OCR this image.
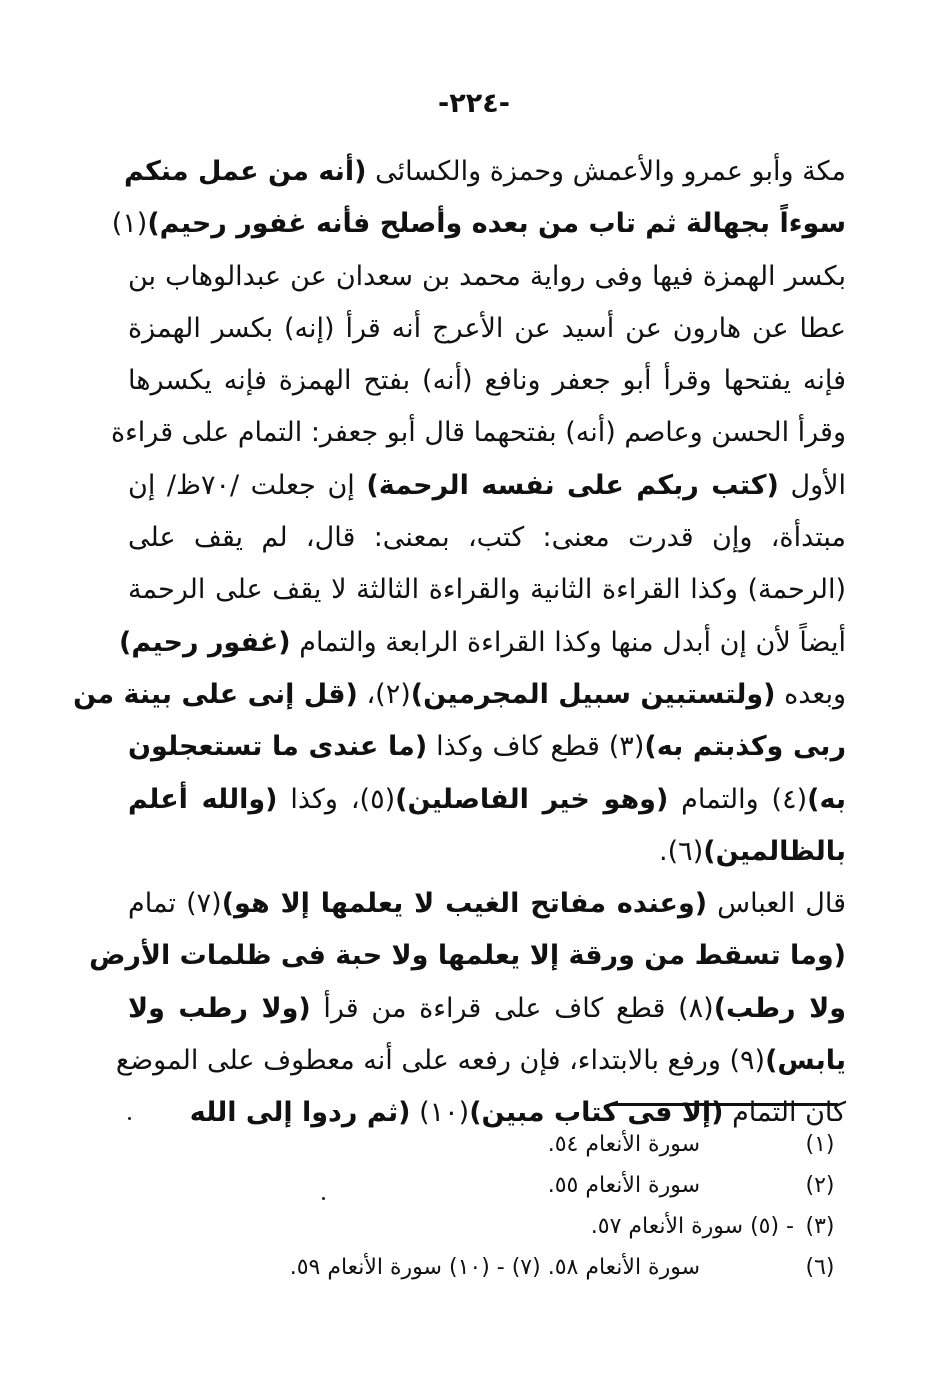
-٢٢٤-
مكة وأبو عمرو والأعمش وحمزة والكسائى (أنه من عمل منكم
سوءاً بجهالة ثم تاب من بعده وأصلح فأنه غفور رحيم)(١)
بكسر الهمزة فيها وفى رواية محمد بن سعدان عن عبدالوهاب بن
عطا عن هارون عن أسيد عن الأعرج أنه قرأ (إنه) بكسر الهمزة
فإنه يفتحها وقرأ أبو جعفر ونافع (أنه) بفتح الهمزة فإنه يكسرها
وقرأ الحسن وعاصم (أنه) بفتحهما قال أبو جعفر: التمام على قراءة
الأول (كتب ربكم على نفسه الرحمة) إن جعلت /٧٠ظ/ إن
مبتدأة، وإن قدرت معنى: كتب، بمعنى: قال، لم يقف على
(الرحمة) وكذا القراءة الثانية والقراءة الثالثة لا يقف على الرحمة
أيضاً لأن إن أبدل منها وكذا القراءة الرابعة والتمام (غفور رحيم)
وبعده (ولتستبين سبيل المجرمين)(٢)، (قل إنى على بينة من
ربى وكذبتم به)(٣) قطع كاف وكذا (ما عندى ما تستعجلون
به)(٤) والتمام (وهو خير الفاصلين)(٥)، وكذا (والله أعلم
بالظالمين)(٦).
قال العباس (وعنده مفاتح الغيب لا يعلمها إلا هو)(٧) تمام
(وما تسقط من ورقة إلا يعلمها ولا حبة فى ظلمات الأرض
ولا رطب)(٨) قطع كاف على قراءة من قرأ (ولا رطب ولا
يابس)(٩) ورفع بالابتداء، فإن رفعه على أنه معطوف على الموضع
كان التمام (إلا فى كتاب مبين)(١٠) (ثم ردوا إلى الله
(١)
سورة الأنعام ٥٤.
(٢)
سورة الأنعام ٥٥.
(٣)
- (٥) سورة الأنعام ٥٧.
(٦)
سورة الأنعام ٥٨. (٧) - (١٠) سورة الأنعام ٥٩.
